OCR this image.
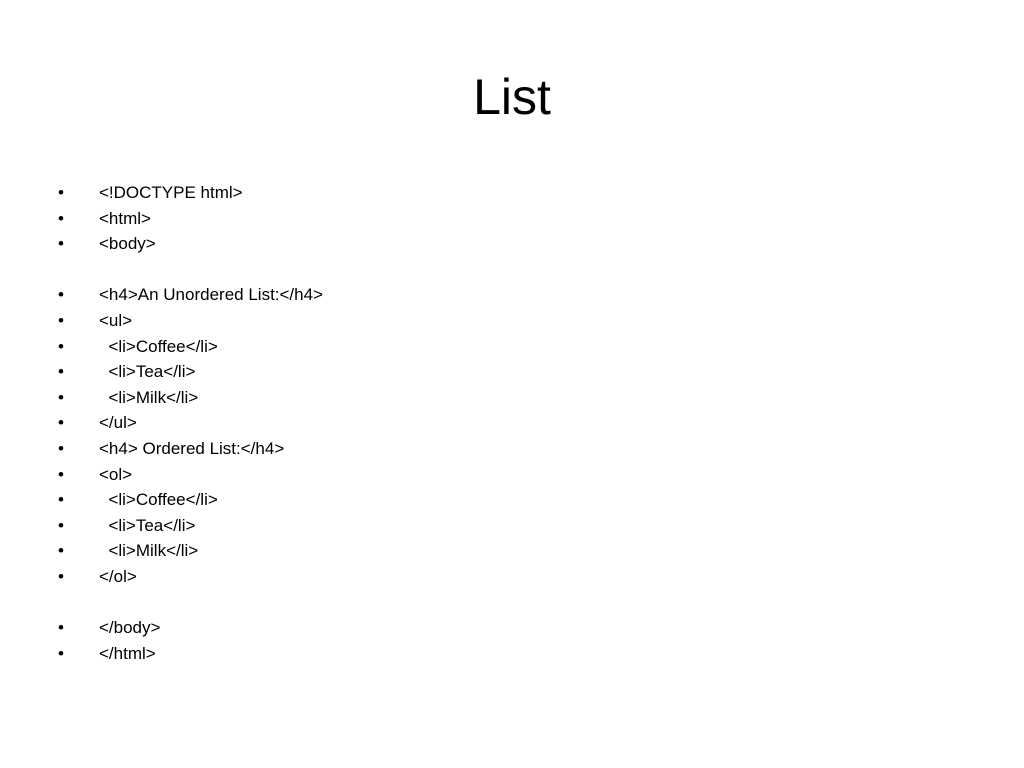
List
•	<!DOCTYPE html>
•	<html>
•	<body>
•	<h4>An Unordered List:</h4>
•	<ul>
•	<li>Coffee</li>
•	<li>Tea</li>
•	<li>Milk</li>
•	</ul>
•	<h4> Ordered List:</h4>
•	<ol>
•	<li>Coffee</li>
•	<li>Tea</li>
•	<li>Milk</li>
•	</ol>
•	</body>
•	</html>
